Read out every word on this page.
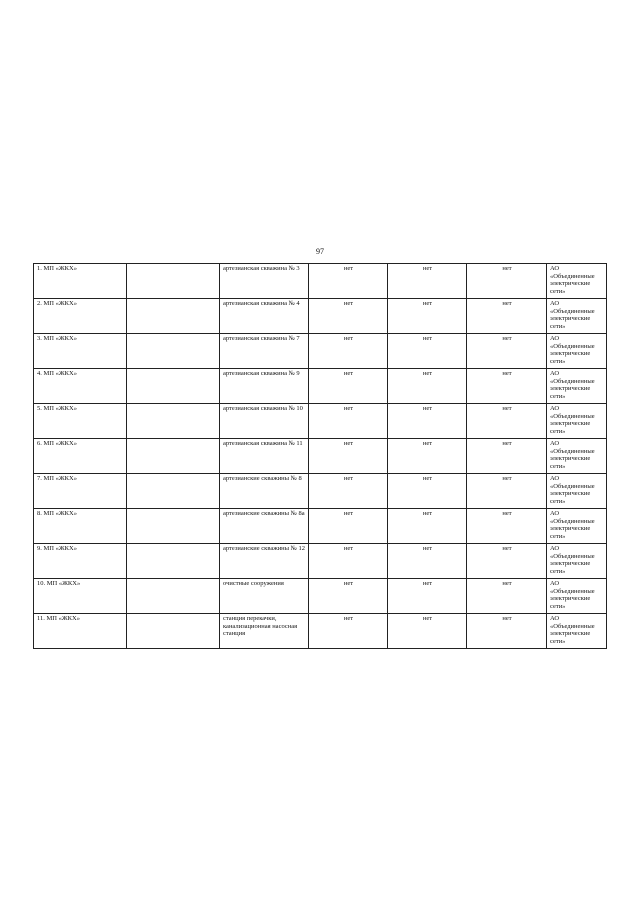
97
1. МП «ЖКХ»		артезианская скважина № 3	нет	нет	нет	АО «Объединенные электрические сети»
2. МП «ЖКХ»		артезианская скважина № 4	нет	нет	нет	АО «Объединенные электрические сети»
3. МП «ЖКХ»		артезианская скважина № 7	нет	нет	нет	АО «Объединенные электрические сети»
4. МП «ЖКХ»		артезианская скважина № 9	нет	нет	нет	АО «Объединенные электрические сети»
5. МП «ЖКХ»		артезианская скважина № 10	нет	нет	нет	АО «Объединенные электрические сети»
6. МП «ЖКХ»		артезианская скважина № 11	нет	нет	нет	АО «Объединенные электрические сети»
7. МП «ЖКХ»		артезианские скважины № 8	нет	нет	нет	АО «Объединенные электрические сети»
8. МП «ЖКХ»		артезианские скважины № 8а	нет	нет	нет	АО «Объединенные электрические сети»
9. МП «ЖКХ»		артезианские скважины № 12	нет	нет	нет	АО «Объединенные электрические сети»
10. МП «ЖКХ»		очистные сооружения	нет	нет	нет	АО «Объединенные электрические сети»
11. МП «ЖКХ»		станция перекачки, канализационная насосная станция	нет	нет	нет	АО «Объединенные электрические сети»
